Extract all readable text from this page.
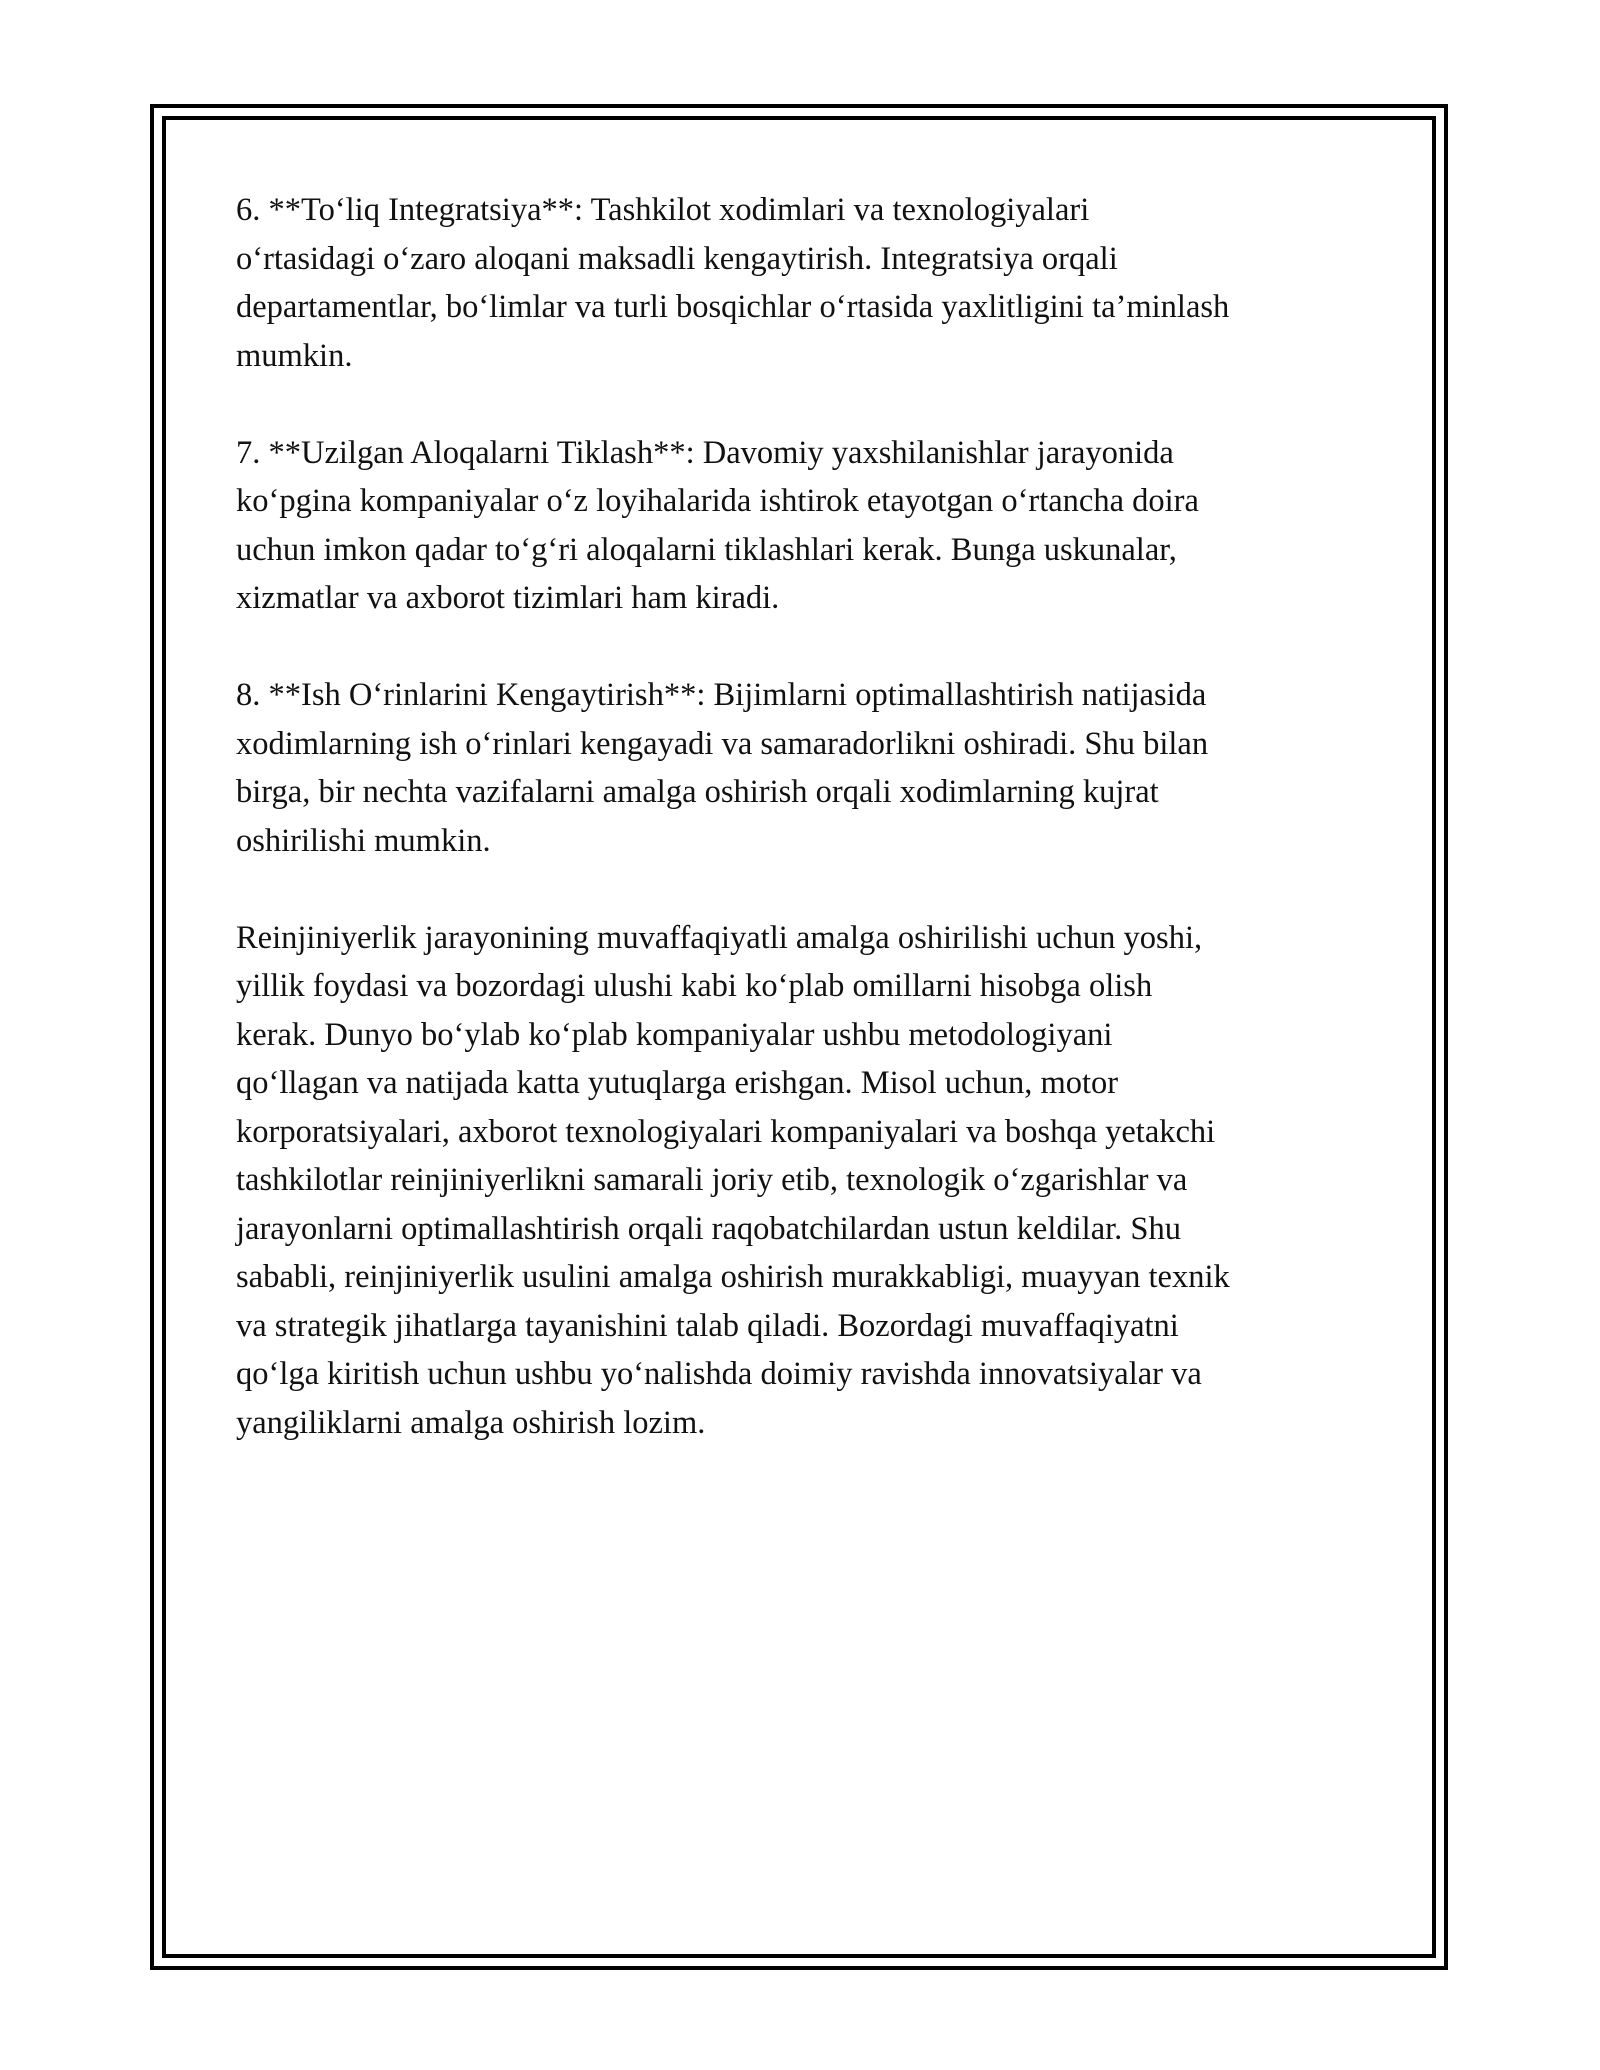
6. **To‘liq Integratsiya**: Tashkilot xodimlari va texnologiyalari
o‘rtasidagi o‘zaro aloqani maksadli kengaytirish. Integratsiya orqali
departamentlar, bo‘limlar va turli bosqichlar o‘rtasida yaxlitligini ta’minlash
mumkin.

7. **Uzilgan Aloqalarni Tiklash**: Davomiy yaxshilanishlar jarayonida
ko‘pgina kompaniyalar o‘z loyihalarida ishtirok etayotgan o‘rtancha doira
uchun imkon qadar to‘g‘ri aloqalarni tiklashlari kerak. Bunga uskunalar,
xizmatlar va axborot tizimlari ham kiradi.

8. **Ish O‘rinlarini Kengaytirish**: Bijimlarni optimallashtirish natijasida
xodimlarning ish o‘rinlari kengayadi va samaradorlikni oshiradi. Shu bilan
birga, bir nechta vazifalarni amalga oshirish orqali xodimlarning kujrat
oshirilishi mumkin.

Reinjiniyerlik jarayonining muvaffaqiyatli amalga oshirilishi uchun yoshi,
yillik foydasi va bozordagi ulushi kabi ko‘plab omillarni hisobga olish
kerak. Dunyo bo‘ylab ko‘plab kompaniyalar ushbu metodologiyani
qo‘llagan va natijada katta yutuqlarga erishgan. Misol uchun, motor
korporatsiyalari, axborot texnologiyalari kompaniyalari va boshqa yetakchi
tashkilotlar reinjiniyerlikni samarali joriy etib, texnologik o‘zgarishlar va
jarayonlarni optimallashtirish orqali raqobatchilardan ustun keldilar. Shu
sababli, reinjiniyerlik usulini amalga oshirish murakkabligi, muayyan texnik
va strategik jihatlarga tayanishini talab qiladi. Bozordagi muvaffaqiyatni
qo‘lga kiritish uchun ushbu yo‘nalishda doimiy ravishda innovatsiyalar va
yangiliklarni amalga oshirish lozim.
